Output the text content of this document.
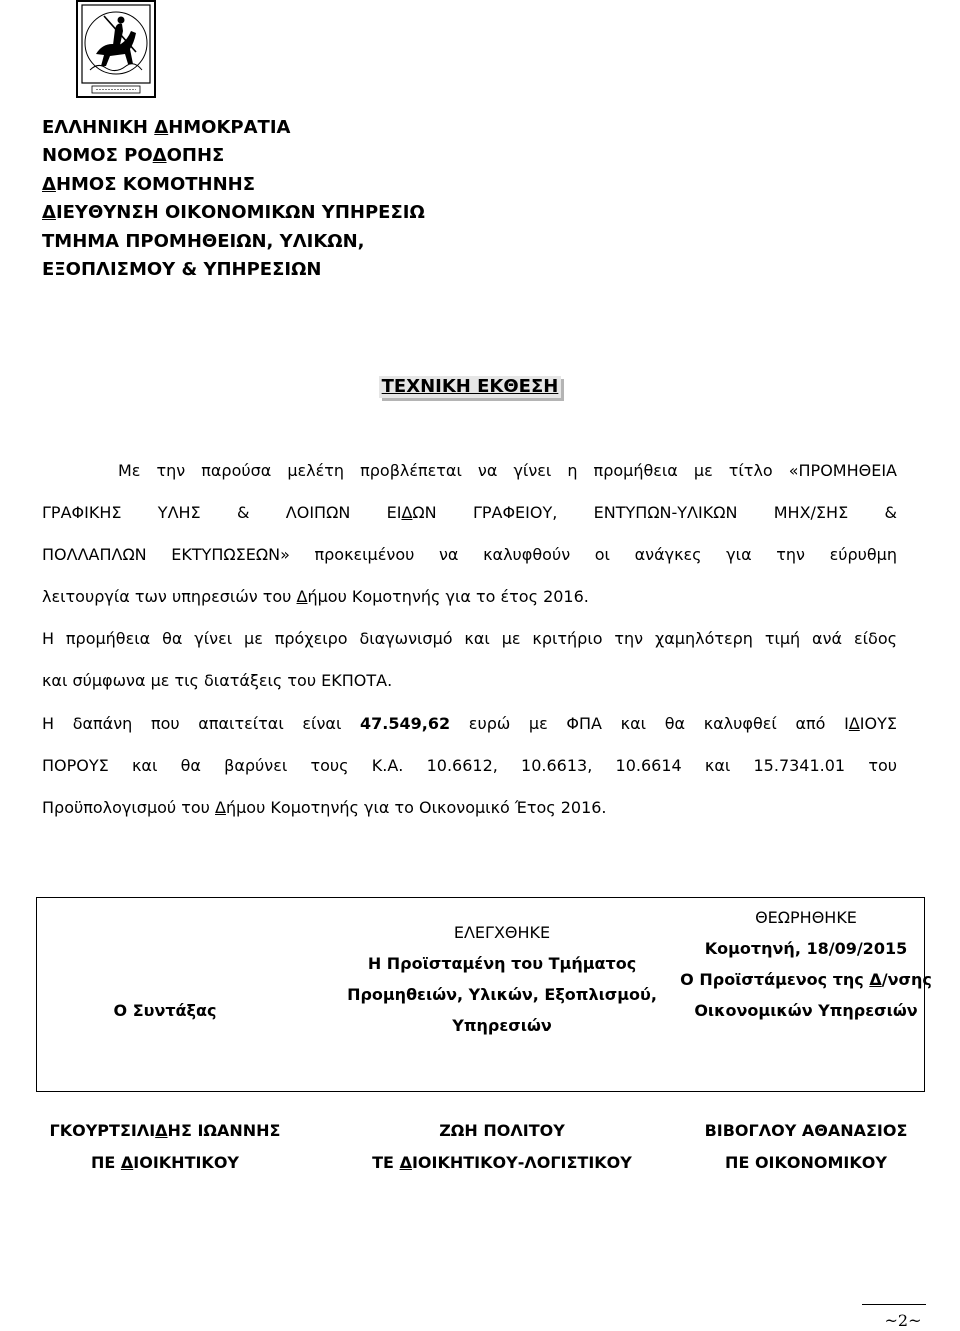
ΕΛΛΗΝΙΚΗ ΔΗΜΟΚΡΑΤΙΑ
ΝΟΜΟΣ ΡΟΔΟΠΗΣ
ΔΗΜΟΣ ΚΟΜΟΤΗΝΗΣ
ΔΙΕΥΘΥΝΣΗ ΟΙΚΟΝΟΜΙΚΩΝ ΥΠΗΡΕΣΙΩ
ΤΜΗΜΑ ΠΡΟΜΗΘΕΙΩΝ, ΥΛΙΚΩΝ,
ΕΞΟΠΛΙΣΜΟΥ & ΥΠΗΡΕΣΙΩΝ
ΤΕΧΝΙΚΗ ΕΚΘΕΣΗ
Με την παρούσα μελέτη προβλέπεται να γίνει η προμήθεια με τίτλο «ΠΡΟΜΗΘΕΙΑ
ΓΡΑΦΙΚΗΣ ΥΛΗΣ & ΛΟΙΠΩΝ ΕΙΔΩΝ ΓΡΑΦΕΙΟΥ, ΕΝΤΥΠΩΝ-ΥΛΙΚΩΝ ΜΗΧ/ΣΗΣ &
ΠΟΛΛΑΠΛΩΝ ΕΚΤΥΠΩΣΕΩΝ» προκειμένου να καλυφθούν οι ανάγκες για την εύρυθμη
λειτουργία των υπηρεσιών του Δήμου Κομοτηνής για το έτος 2016.
Η προμήθεια θα γίνει με πρόχειρο διαγωνισμό και με κριτήριο την χαμηλότερη τιμή ανά είδος
και σύμφωνα με τις διατάξεις του ΕΚΠΟΤΑ.
Η δαπάνη που απαιτείται είναι 47.549,62 ευρώ με ΦΠΑ και θα καλυφθεί από ΙΔΙΟΥΣ
ΠΟΡΟΥΣ και θα βαρύνει τους Κ.Α. 10.6612, 10.6613, 10.6614 και 15.7341.01 του
Προϋπολογισμού του Δήμου Κομοτηνής για το Οικονομικό Έτος 2016.
Ο Συντάξας
ΕΛΕΓΧΘΗΚΕ
Η Προϊσταμένη του Τμήματος
Προμηθειών, Υλικών, Εξοπλισμού,
Υπηρεσιών
ΘΕΩΡΗΘΗΚΕ
Κομοτηνή, 18/09/2015
Ο Προϊστάμενος της Δ/νσης
Οικονομικών Υπηρεσιών
ΓΚΟΥΡΤΣΙΛΙΔΗΣ ΙΩΑΝΝΗΣ
ΠΕ ΔΙΟΙΚΗΤΙΚΟΥ
ΖΩΗ ΠΟΛΙΤΟΥ
ΤΕ ΔΙΟΙΚΗΤΙΚΟΥ-ΛΟΓΙΣΤΙΚΟΥ
ΒΙΒΟΓΛΟΥ ΑΘΑΝΑΣΙΟΣ
ΠΕ ΟΙΚΟΝΟΜΙΚΟΥ
~2~
